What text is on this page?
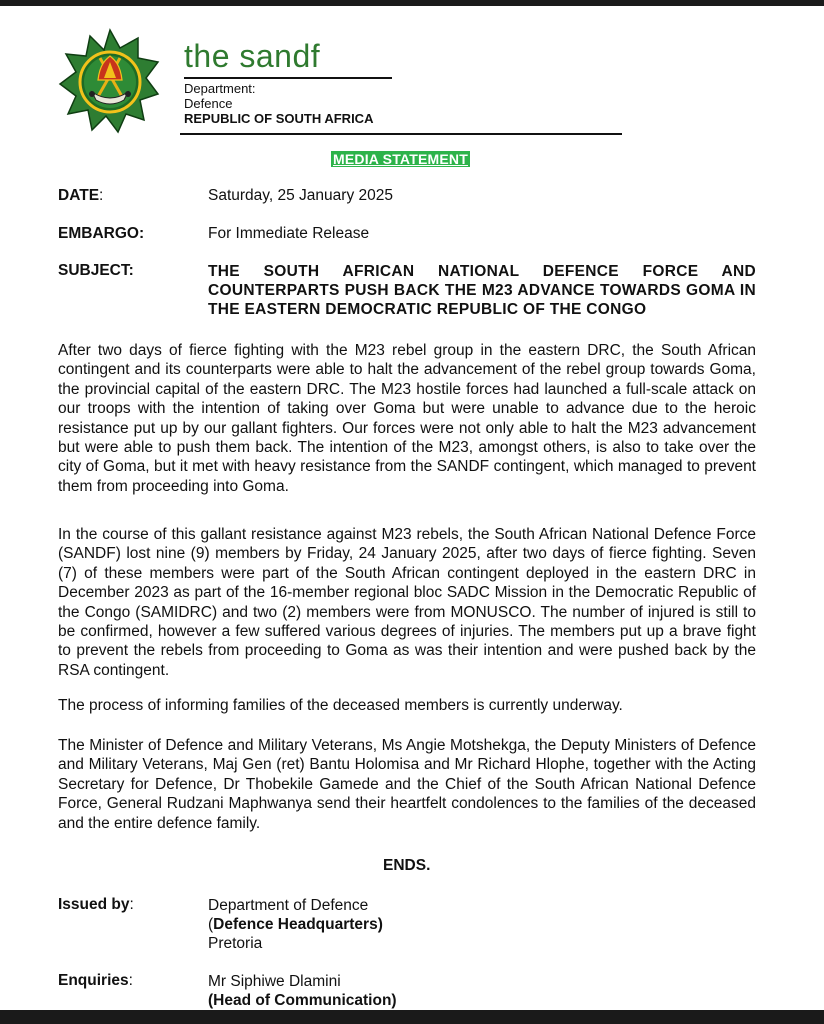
the sandf
Department:
Defence
REPUBLIC OF SOUTH AFRICA
MEDIA STATEMENT
DATE:	Saturday, 25 January 2025
EMBARGO:	For Immediate Release
SUBJECT:	THE SOUTH AFRICAN NATIONAL DEFENCE FORCE AND COUNTERPARTS PUSH BACK THE M23 ADVANCE TOWARDS GOMA IN THE EASTERN DEMOCRATIC REPUBLIC OF THE CONGO

After two days of fierce fighting with the M23 rebel group in the eastern DRC, the South African contingent and its counterparts were able to halt the advancement of the rebel group towards Goma, the provincial capital of the eastern DRC. The M23 hostile forces had launched a full-scale attack on our troops with the intention of taking over Goma but were unable to advance due to the heroic resistance put up by our gallant fighters. Our forces were not only able to halt the M23 advancement but were able to push them back. The intention of the M23, amongst others, is also to take over the city of Goma, but it met with heavy resistance from the SANDF contingent, which managed to prevent them from proceeding into Goma.

In the course of this gallant resistance against M23 rebels, the South African National Defence Force (SANDF) lost nine (9) members by Friday, 24 January 2025, after two days of fierce fighting. Seven (7) of these members were part of the South African contingent deployed in the eastern DRC in December 2023 as part of the 16-member regional bloc SADC Mission in the Democratic Republic of the Congo (SAMIDRC) and two (2) members were from MONUSCO. The number of injured is still to be confirmed, however a few suffered various degrees of injuries. The members put up a brave fight to prevent the rebels from proceeding to Goma as was their intention and were pushed back by the RSA contingent.

The process of informing families of the deceased members is currently underway.

The Minister of Defence and Military Veterans, Ms Angie Motshekga, the Deputy Ministers of Defence and Military Veterans, Maj Gen (ret) Bantu Holomisa and Mr Richard Hlophe, together with the Acting Secretary for Defence, Dr Thobekile Gamede and the Chief of the South African National Defence Force, General Rudzani Maphwanya send their heartfelt condolences to the families of the deceased and the entire defence family.

ENDS.
Issued by:	Department of Defence
(Defence Headquarters)
Pretoria
Enquiries:	Mr Siphiwe Dlamini
(Head of Communication)
